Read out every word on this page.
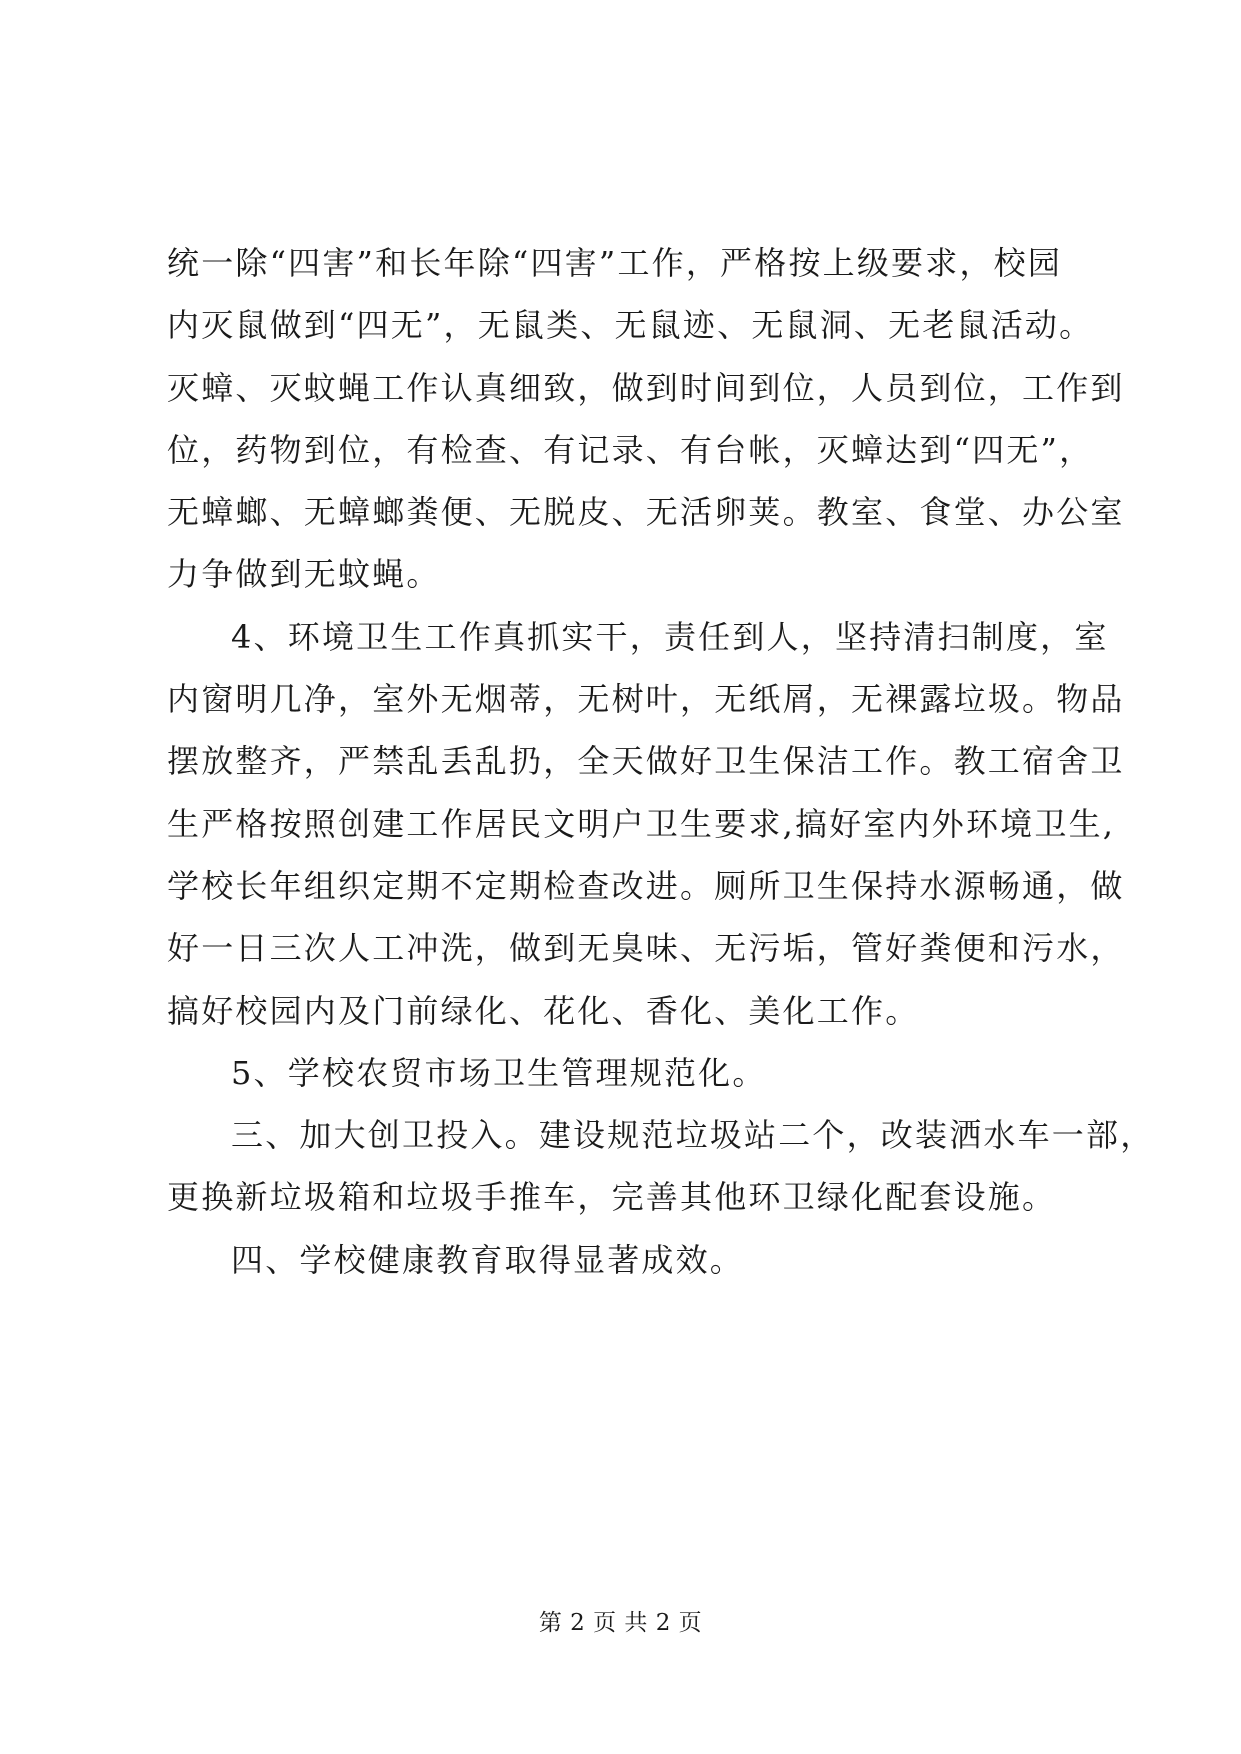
统一除“四害”和长年除“四害”工作，严格按上级要求，校园
内灭鼠做到“四无”，无鼠类、无鼠迹、无鼠洞、无老鼠活动。
灭蟑、灭蚊蝇工作认真细致，做到时间到位，人员到位，工作到
位，药物到位，有检查、有记录、有台帐，灭蟑达到“四无”，
无蟑螂、无蟑螂粪便、无脱皮、无活卵荚。教室、食堂、办公室
力争做到无蚊蝇。
4、环境卫生工作真抓实干，责任到人，坚持清扫制度，室
内窗明几净，室外无烟蒂，无树叶，无纸屑，无裸露垃圾。物品
摆放整齐，严禁乱丢乱扔，全天做好卫生保洁工作。教工宿舍卫
生严格按照创建工作居民文明户卫生要求,搞好室内外环境卫生,
学校长年组织定期不定期检查改进。厕所卫生保持水源畅通，做
好一日三次人工冲洗，做到无臭味、无污垢，管好粪便和污水，
搞好校园内及门前绿化、花化、香化、美化工作。
5、学校农贸市场卫生管理规范化。
三、加大创卫投入。建设规范垃圾站二个，改装洒水车一部，
更换新垃圾箱和垃圾手推车，完善其他环卫绿化配套设施。
四、学校健康教育取得显著成效。
第 2 页 共 2 页
